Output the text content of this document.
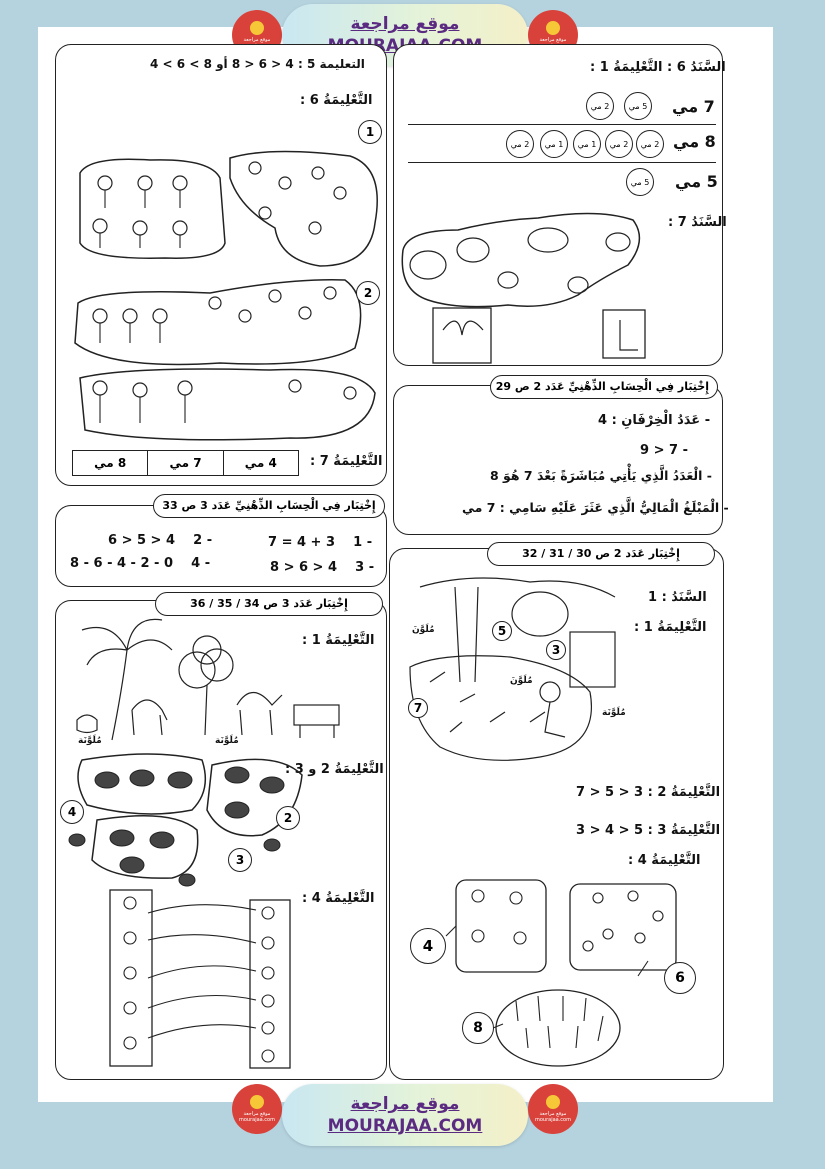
موقع مراجعة
موقع مراجعة
موقع مراجعة
موقع مراجعة
mourajaa.com
موقع مراجعة
MOURAJAA.COM
موقع مراجعة
mourajaa.com
التعليمة 5 : 4 < 6 < 8 أو 8 > 6 > 4
التَّعْلِيمَةُ 6 :
1
2
التَّعْلِيمَةُ 7 :
4 مي
7 مي
8 مي
إِخْتِبَار فِي الْحِسَابِ الذِّهْنِيِّ عَدَد 3 ص 33
- 1    7 = 4 + 3
- 2    6 > 5 > 4
- 3    8 > 6 > 4
- 4    8 - 6 - 4 - 2 - 0
إِخْتِبَار عَدَد 3 ص 34 / 35 / 36
التَّعْلِيمَةُ 1 :
مُلَوَّنَة	مُلَوَّنَة
التَّعْلِيمَةُ 2 و 3 :
4	2
3
التَّعْلِيمَةُ 4 :
السَّنَدُ 6 : التَّعْلِيمَةُ 1 :
7 مي
5 مي
2 مي
8 مي
2 مي
2 مي
1 مي
1 مي
2 مي
5 مي
5 مي
السَّنَدُ 7 :
إِخْتِبَار فِي الْحِسَابِ الذِّهْنِيِّ عَدَد 2 ص 29
- عَدَدُ الْخِرْفَانِ : 4
- 7 < 9
- الْعَدَدُ الَّذِي يَأْتِي مُبَاشَرَةً بَعْدَ 7 هُوَ 8
- الْمَبْلَغُ الْمَالِيُّ الَّذِي عَثَرَ عَلَيْهِ سَامِي : 7 مي
إِخْتِبَار عَدَد 2 ص 30 / 31 / 32
السَّنَدُ : 1
التَّعْلِيمَةُ 1 :
5
3
7
مُلَوَّنَ
مُلَوَّنَ
مُلَوَّنَة
التَّعْلِيمَةُ 2 : 3 < 5 < 7
التَّعْلِيمَةُ 3 : 5 < 4 < 3
التَّعْلِيمَةُ 4 :
4
6
8
